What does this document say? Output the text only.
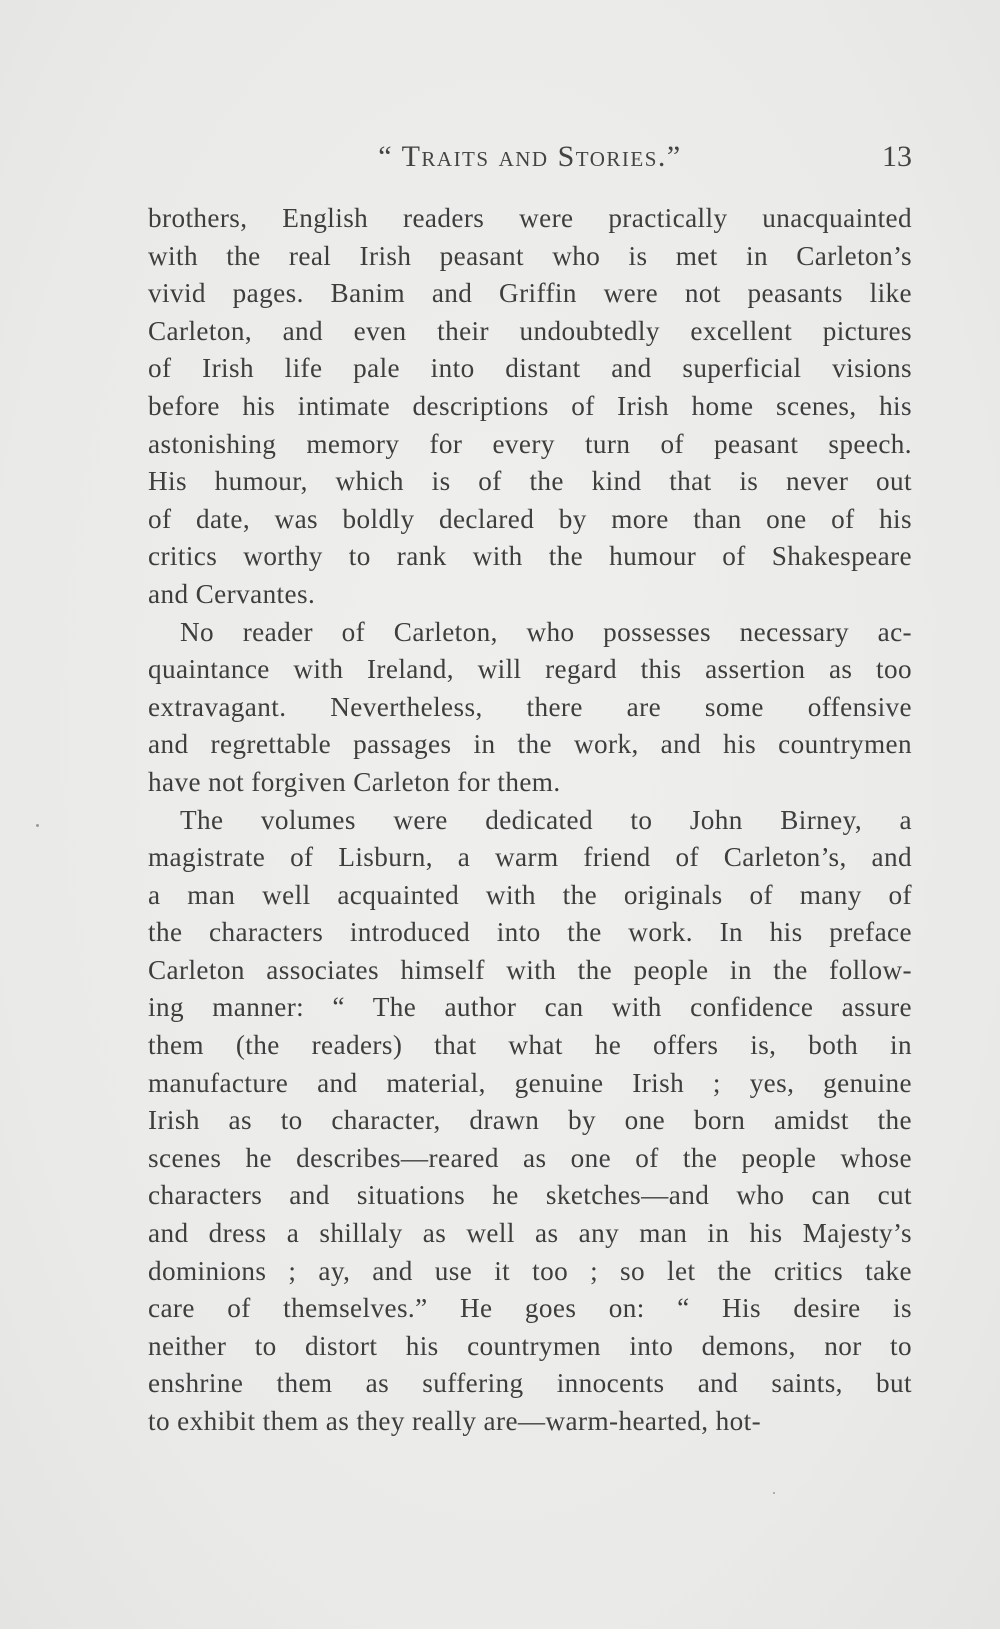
“ Traits and Stories.”	13
brothers, English readers were practically unacquainted
with the real Irish peasant who is met in Carleton’s
vivid pages. Banim and Griffin were not peasants like
Carleton, and even their undoubtedly excellent pictures
of Irish life pale into distant and superficial visions
before his intimate descriptions of Irish home scenes, his
astonishing memory for every turn of peasant speech.
His humour, which is of the kind that is never out
of date, was boldly declared by more than one of his
critics worthy to rank with the humour of Shakespeare
and Cervantes.
No reader of Carleton, who possesses necessary ac-
quaintance with Ireland, will regard this assertion as too
extravagant. Nevertheless, there are some offensive
and regrettable passages in the work, and his countrymen
have not forgiven Carleton for them.
The volumes were dedicated to John Birney, a
magistrate of Lisburn, a warm friend of Carleton’s, and
a man well acquainted with the originals of many of
the characters introduced into the work. In his preface
Carleton associates himself with the people in the follow-
ing manner: “ The author can with confidence assure
them (the readers) that what he offers is, both in
manufacture and material, genuine Irish ; yes, genuine
Irish as to character, drawn by one born amidst the
scenes he describes—reared as one of the people whose
characters and situations he sketches—and who can cut
and dress a shillaly as well as any man in his Majesty’s
dominions ; ay, and use it too ; so let the critics take
care of themselves.” He goes on: “ His desire is
neither to distort his countrymen into demons, nor to
enshrine them as suffering innocents and saints, but
to exhibit them as they really are—warm-hearted, hot-
